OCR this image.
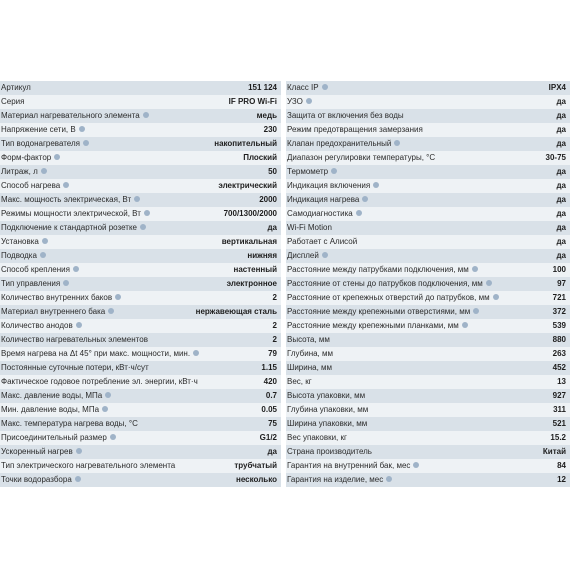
Артикул	151 124 Класс IP	IPX4
Серия	IF PRO Wi-Fi УЗО	да
Материал нагревательного элемента	медь Защита от включения без воды	да
Напряжение сети, В	230 Режим предотвращения замерзания	да
Тип водонагревателя	накопительный Клапан предохранительный	да
Форм-фактор	Плоский Диапазон регулировки температуры, °С	30-75
Литраж, л	50 Термометр	да
Способ нагрева	электрический Индикация включения	да
Макс. мощность электрическая, Вт	2000 Индикация нагрева	да
Режимы мощности электрической, Вт	700/1300/2000 Самодиагностика	да
Подключение к стандартной розетке	да Wi-Fi Motion	да
Установка	вертикальная Работает с Алисой	да
Подводка	нижняя Дисплей	да
Способ крепления	настенный Расстояние между патрубками подключения, мм	100
Тип управления	электронное Расстояние от стены до патрубков подключения, мм	97
Количество внутренних баков	2 Расстояние от крепежных отверстий до патрубков, мм	721
Материал внутреннего бака	нержавеющая сталь Расстояние между крепежными отверстиями, мм	372
Количество анодов	2 Расстояние между крепежными планками, мм	539
Количество нагревательных элементов	2 Высота, мм	880
Время нагрева на Δt 45° при макс. мощности, мин.	79 Глубина, мм	263
Постоянные суточные потери, кВт·ч/сут	1.15 Ширина, мм	452
Фактическое годовое потребление эл. энергии, кВт·ч	420 Вес, кг	13
Макс. давление воды, МПа	0.7 Высота упаковки, мм	927
Мин. давление воды, МПа	0.05 Глубина упаковки, мм	311
Макс. температура нагрева воды, °С	75 Ширина упаковки, мм	521
Присоединительный размер	G1/2 Вес упаковки, кг	15.2
Ускоренный нагрев	да Страна производитель	Китай
Тип электрического нагревательного элемента	трубчатый Гарантия на внутренний бак, мес	84
Точки водоразбора	несколько Гарантия на изделие, мес	12
